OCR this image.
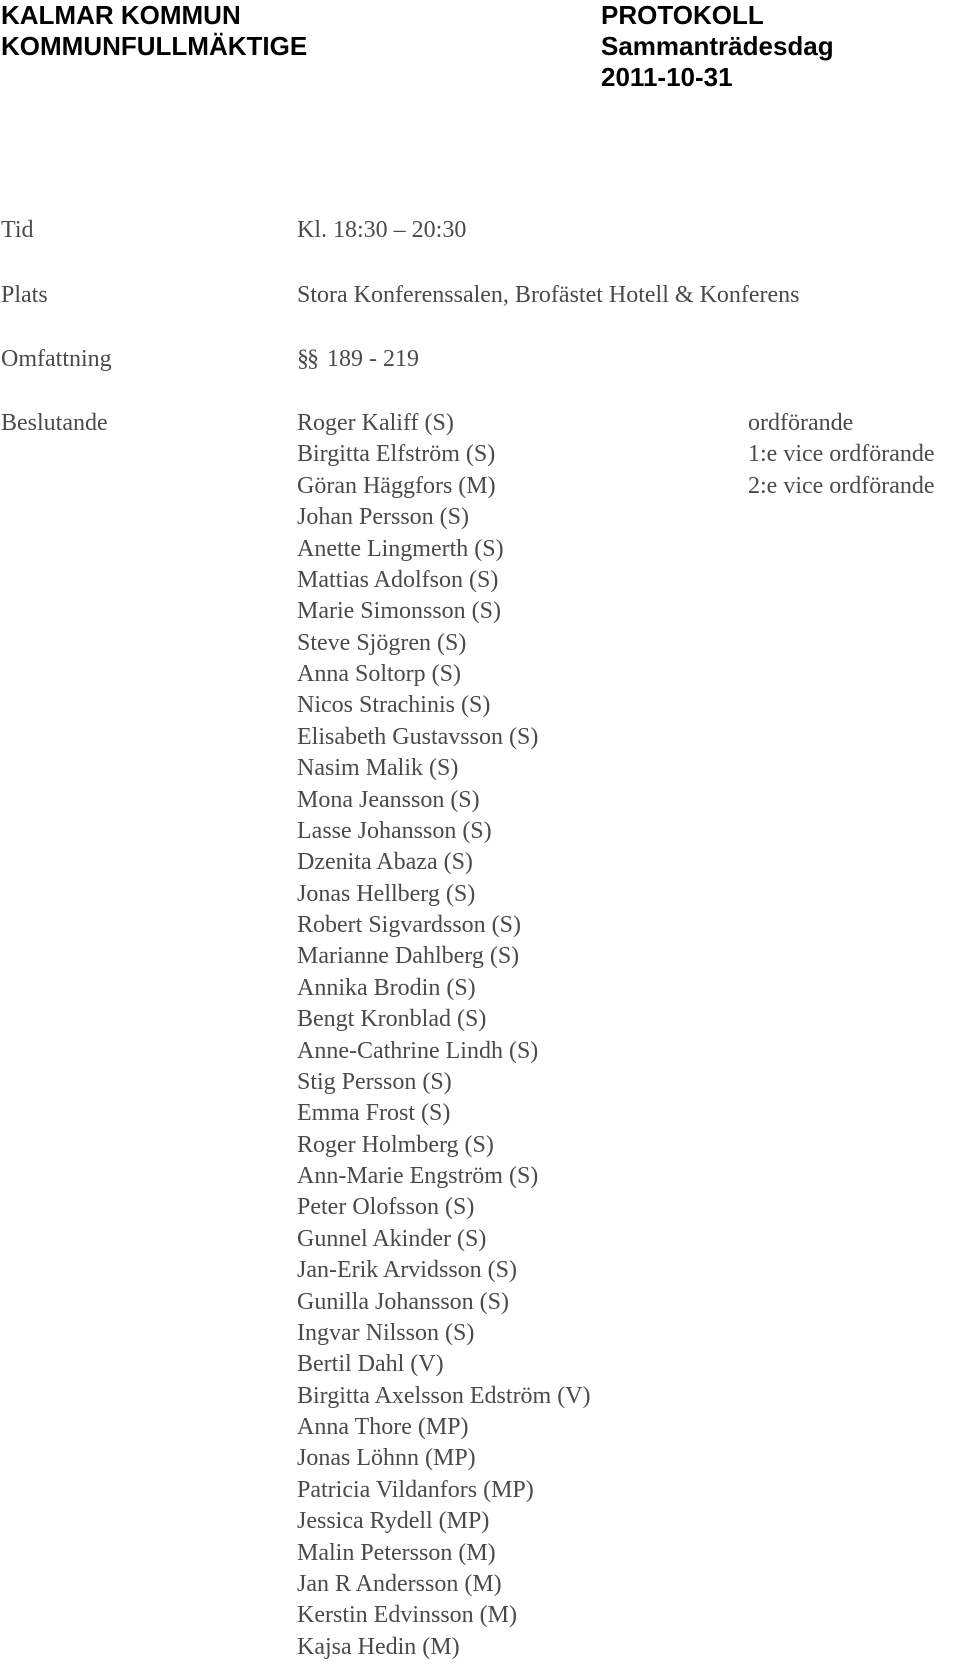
KALMAR KOMMUN
KOMMUNFULLMÄKTIGE
PROTOKOLL
Sammanträdesdag
2011-10-31
Tid	Kl. 18:30 – 20:30
Plats	Stora Konferenssalen, Brofästet Hotell & Konferens
Omfattning	§§ 189 - 219
Beslutande	Roger Kaliff (S)	ordförande
Birgitta Elfström (S)	1:e vice ordförande
Göran Häggfors (M)	2:e vice ordförande
Johan Persson (S)
Anette Lingmerth (S)
Mattias Adolfson (S)
Marie Simonsson (S)
Steve Sjögren (S)
Anna Soltorp (S)
Nicos Strachinis (S)
Elisabeth Gustavsson (S)
Nasim Malik (S)
Mona Jeansson (S)
Lasse Johansson (S)
Dzenita Abaza (S)
Jonas Hellberg (S)
Robert Sigvardsson (S)
Marianne Dahlberg (S)
Annika Brodin (S)
Bengt Kronblad (S)
Anne-Cathrine Lindh (S)
Stig Persson (S)
Emma Frost (S)
Roger Holmberg (S)
Ann-Marie Engström (S)
Peter Olofsson (S)
Gunnel Akinder (S)
Jan-Erik Arvidsson (S)
Gunilla Johansson (S)
Ingvar Nilsson (S)
Bertil Dahl (V)
Birgitta Axelsson Edström (V)
Anna Thore (MP)
Jonas Löhnn (MP)
Patricia Vildanfors (MP)
Jessica Rydell (MP)
Malin Petersson (M)
Jan R Andersson (M)
Kerstin Edvinsson (M)
Kajsa Hedin (M)
